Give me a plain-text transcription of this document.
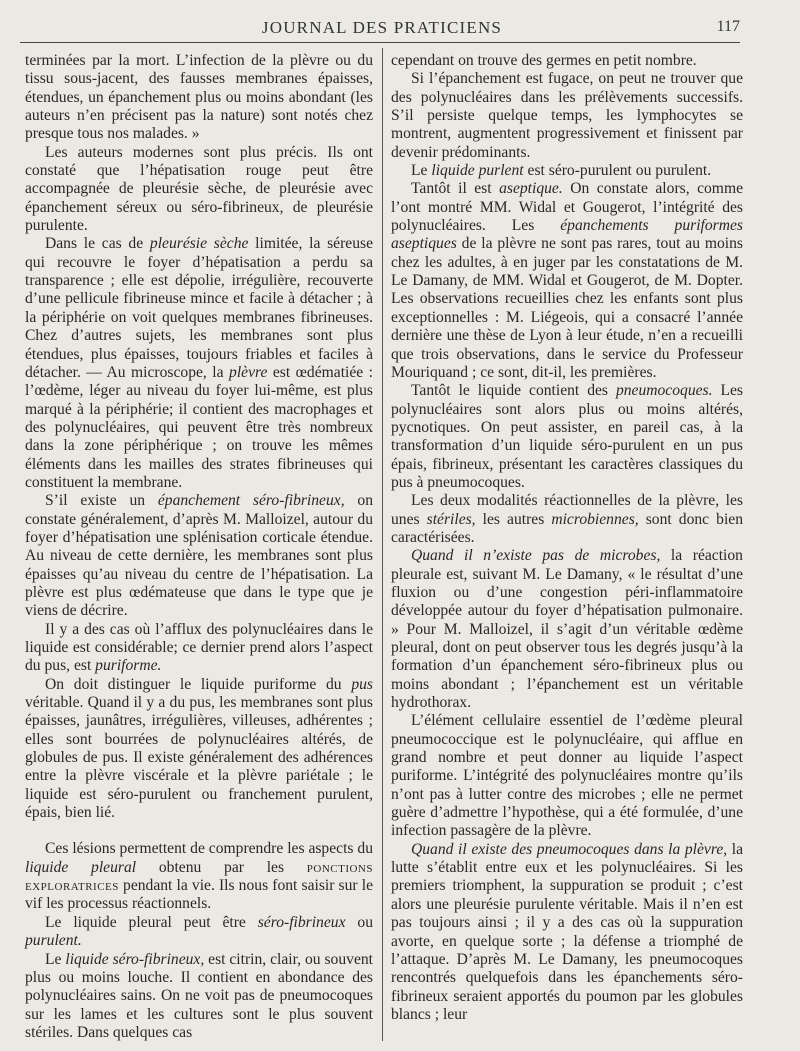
JOURNAL DES PRATICIENS	117

terminées par la mort. L’infection de la plèvre ou du tissu sous-jacent, des fausses membranes épaisses, étendues, un épanchement plus ou moins abondant (les auteurs n’en précisent pas la nature) sont notés chez presque tous nos malades. »

Les auteurs modernes sont plus précis. Ils ont constaté que l’hépatisation rouge peut être accompagnée de pleurésie sèche, de pleurésie avec épanchement séreux ou séro-fibrineux, de pleurésie purulente.

Dans le cas de pleurésie sèche limitée, la séreuse qui recouvre le foyer d’hépatisation a perdu sa transparence ; elle est dépolie, irrégulière, recouverte d’une pellicule fibrineuse mince et facile à détacher ; à la périphérie on voit quelques membranes fibrineuses. Chez d’autres sujets, les membranes sont plus étendues, plus épaisses, toujours friables et faciles à détacher. — Au microscope, la plèvre est œdématiée : l’œdème, léger au niveau du foyer lui-même, est plus marqué à la périphérie; il contient des macrophages et des polynucléaires, qui peuvent être très nombreux dans la zone périphérique ; on trouve les mêmes éléments dans les mailles des strates fibrineuses qui constituent la membrane.

S’il existe un épanchement séro-fibrineux, on constate généralement, d’après M. Malloizel, autour du foyer d’hépatisation une splénisation corticale étendue. Au niveau de cette dernière, les membranes sont plus épaisses qu’au niveau du centre de l’hépatisation. La plèvre est plus œdémateuse que dans le type que je viens de décrire.

Il y a des cas où l’afflux des polynucléaires dans le liquide est considérable; ce dernier prend alors l’aspect du pus, est puriforme.

On doit distinguer le liquide puriforme du pus véritable. Quand il y a du pus, les membranes sont plus épaisses, jaunâtres, irrégulières, villeuses, adhérentes ; elles sont bourrées de polynucléaires altérés, de globules de pus. Il existe généralement des adhérences entre la plèvre viscérale et la plèvre pariétale ; le liquide est séro-purulent ou franchement purulent, épais, bien lié.

Ces lésions permettent de comprendre les aspects du liquide pleural obtenu par les ponctions exploratrices pendant la vie. Ils nous font saisir sur le vif les processus réactionnels.

Le liquide pleural peut être séro-fibrineux ou purulent.

Le liquide séro-fibrineux, est citrin, clair, ou souvent plus ou moins louche. Il contient en abondance des polynucléaires sains. On ne voit pas de pneumocoques sur les lames et les cultures sont le plus souvent stériles. Dans quelques cas

cependant on trouve des germes en petit nombre.

Si l’épanchement est fugace, on peut ne trouver que des polynucléaires dans les prélèvements successifs. S’il persiste quelque temps, les lymphocytes se montrent, augmentent progressivement et finissent par devenir prédominants.

Le liquide purlent est séro-purulent ou purulent.

Tantôt il est aseptique. On constate alors, comme l’ont montré MM. Widal et Gougerot, l’intégrité des polynucléaires. Les épanchements puriformes aseptiques de la plèvre ne sont pas rares, tout au moins chez les adultes, à en juger par les constatations de M. Le Damany, de MM. Widal et Gougerot, de M. Dopter. Les observations recueillies chez les enfants sont plus exceptionnelles : M. Liégeois, qui a consacré l’année dernière une thèse de Lyon à leur étude, n’en a recueilli que trois observations, dans le service du Professeur Mouriquand ; ce sont, dit-il, les premières.

Tantôt le liquide contient des pneumocoques. Les polynucléaires sont alors plus ou moins altérés, pycnotiques. On peut assister, en pareil cas, à la transformation d’un liquide séro-purulent en un pus épais, fibrineux, présentant les caractères classiques du pus à pneumocoques.

Les deux modalités réactionnelles de la plèvre, les unes stériles, les autres microbiennes, sont donc bien caractérisées.

Quand il n’existe pas de microbes, la réaction pleurale est, suivant M. Le Damany, « le résultat d’une fluxion ou d’une congestion péri-inflammatoire développée autour du foyer d’hépatisation pulmonaire. » Pour M. Malloizel, il s’agit d’un véritable œdème pleural, dont on peut observer tous les degrés jusqu’à la formation d’un épanchement séro-fibrineux plus ou moins abondant ; l’épanchement est un véritable hydrothorax.

L’élément cellulaire essentiel de l’œdème pleural pneumococcique est le polynucléaire, qui afflue en grand nombre et peut donner au liquide l’aspect puriforme. L’intégrité des polynucléaires montre qu’ils n’ont pas à lutter contre des microbes ; elle ne permet guère d’admettre l’hypothèse, qui a été formulée, d’une infection passagère de la plèvre.

Quand il existe des pneumocoques dans la plèvre, la lutte s’établit entre eux et les polynucléaires. Si les premiers triomphent, la suppuration se produit ; c’est alors une pleurésie purulente véritable. Mais il n’en est pas toujours ainsi ; il y a des cas où la suppuration avorte, en quelque sorte ; la défense a triomphé de l’attaque. D’après M. Le Damany, les pneumocoques rencontrés quelquefois dans les épanchements séro-fibrineux seraient apportés du poumon par les globules blancs ; leur
